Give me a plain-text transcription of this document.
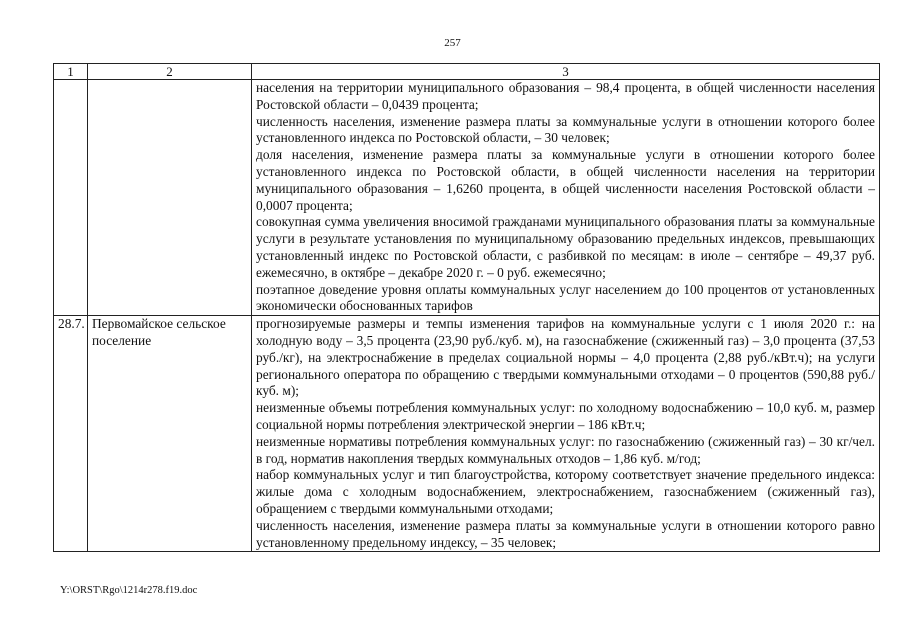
257
1	2	3

		населения на территории муниципального образования – 98,4 процента, в общей численности населения Ростовской области – 0,0439 процента;

численность населения, изменение размера платы за коммунальные услуги в отношении которого более установленного индекса по Ростовской области, – 30 человек;

доля населения, изменение размера платы за коммунальные услуги в отношении которого более установленного индекса по Ростовской области, в общей численности населения на территории муниципального образования – 1,6260 процента, в общей численности населения Ростовской области – 0,0007 процента;

совокупная сумма увеличения вносимой гражданами муниципального образования платы за коммунальные услуги в результате установления по муниципальному образованию предельных индексов, превышающих установленный индекс по Ростовской области, с разбивкой по месяцам: в июле – сентябре – 49,37 руб. ежемесячно, в октябре – декабре 2020 г. – 0 руб. ежемесячно;

поэтапное доведение уровня оплаты коммунальных услуг населением до 100 процентов от установленных экономически обоснованных тарифов

28.7.	Первомайское сельское поселение	прогнозируемые размеры и темпы изменения тарифов на коммунальные услуги с 1 июля 2020 г.: на холодную воду – 3,5 процента (23,90 руб./куб. м), на газоснабжение (сжиженный газ) – 3,0 процента (37,53 руб./кг), на электроснабжение в пределах социальной нормы – 4,0 процента (2,88 руб./кВт.ч); на услуги регионального оператора по обращению с твердыми коммунальными отходами – 0 процентов (590,88 руб./куб. м);

неизменные объемы потребления коммунальных услуг: по холодному водоснабжению – 10,0 куб. м, размер социальной нормы потребления электрической энергии – 186 кВт.ч;

неизменные нормативы потребления коммунальных услуг: по газоснабжению (сжиженный газ) – 30 кг/чел. в год, норматив накопления твердых коммунальных отходов – 1,86 куб. м/год;

набор коммунальных услуг и тип благоустройства, которому соответствует значение предельного индекса: жилые дома с холодным водоснабжением, электроснабжением, газоснабжением (сжиженный газ), обращением с твердыми коммунальными отходами;

численность населения, изменение размера платы за коммунальные услуги в отношении которого равно установленному предельному индексу, – 35 человек;

Y:\ORST\Rgo\1214r278.f19.doc
